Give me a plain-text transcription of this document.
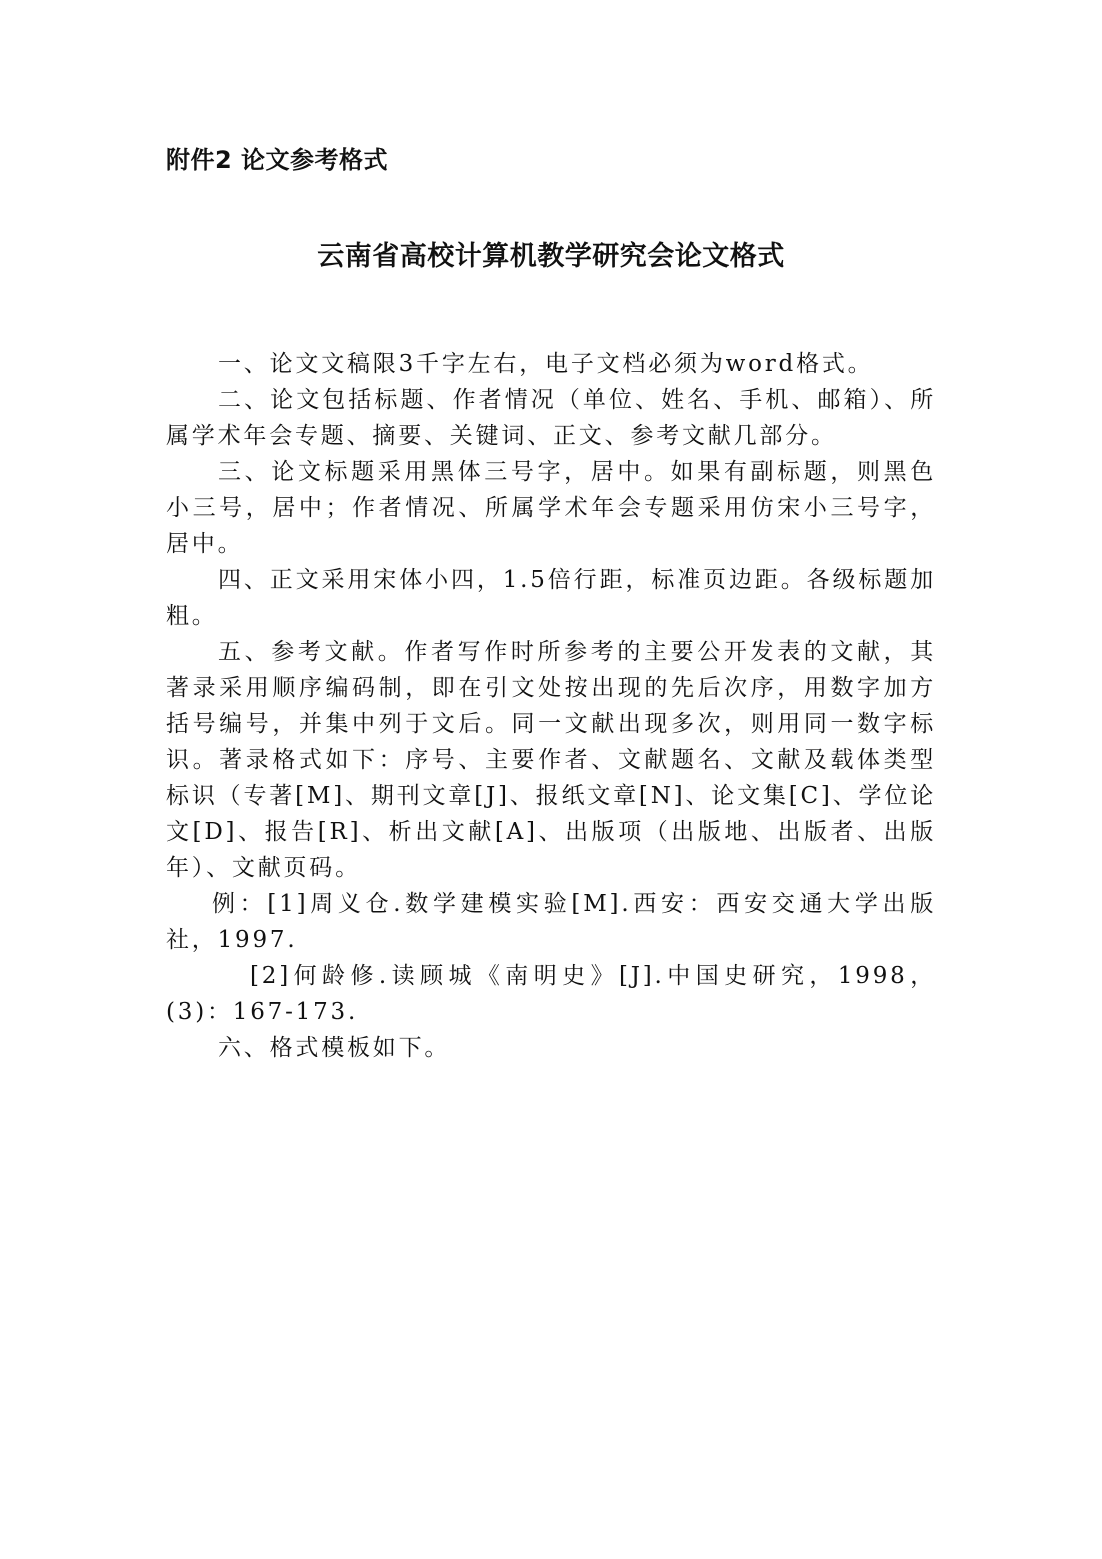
附件2 论文参考格式
云南省高校计算机教学研究会论文格式

一、论文文稿限3千字左右，电子文档必须为word格式。

二、论文包括标题、作者情况（单位、姓名、手机、邮箱）、所属学术年会专题、摘要、关键词、正文、参考文献几部分。

三、论文标题采用黑体三号字，居中。如果有副标题，则黑色小三号，居中；作者情况、所属学术年会专题采用仿宋小三号字，居中。

四、正文采用宋体小四，1.5倍行距，标准页边距。各级标题加粗。

五、参考文献。作者写作时所参考的主要公开发表的文献，其著录采用顺序编码制，即在引文处按出现的先后次序，用数字加方括号编号，并集中列于文后。同一文献出现多次，则用同一数字标识。著录格式如下：序号、主要作者、文献题名、文献及载体类型标识（专著[M]、期刊文章[J]、报纸文章[N]、论文集[C]、学位论文[D]、报告[R]、析出文献[A]、出版项（出版地、出版者、出版年）、文献页码。

例：[1]周义仓.数学建模实验[M].西安：西安交通大学出版社，1997.

[2]何龄修.读顾城《南明史》[J].中国史研究，1998，(3)：167-173.

六、格式模板如下。
